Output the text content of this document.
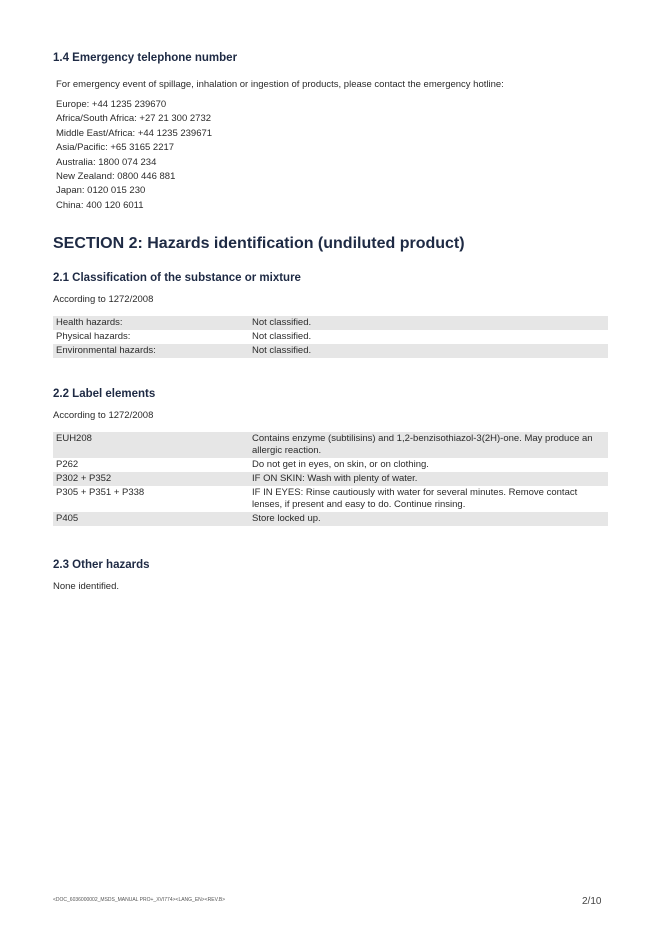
1.4 Emergency telephone number

For emergency event of spillage, inhalation or ingestion of products, please contact the emergency hotline:

Europe: +44 1235 239670
Africa/South Africa: +27 21 300 2732
Middle East/Africa: +44 1235 239671
Asia/Pacific: +65 3165 2217
Australia: 1800 074 234
New Zealand: 0800 446 881
Japan: 0120 015 230
China: 400 120 6011
SECTION 2: Hazards identification (undiluted product)
2.1 Classification of the substance or mixture

According to 1272/2008

Health hazards:	Not classified.
Physical hazards:	Not classified.
Environmental hazards:	Not classified.
2.2 Label elements

According to 1272/2008

EUH208	Contains enzyme (subtilisins) and 1,2-benzisothiazol-3(2H)-one. May produce an allergic reaction.
P262	Do not get in eyes, on skin, or on clothing.
P302 + P352	IF ON SKIN: Wash with plenty of water.
P305 + P351 + P338	IF IN EYES: Rinse cautiously with water for several minutes. Remove contact lenses, if present and easy to do. Continue rinsing.
P405	Store locked up.
2.3 Other hazards

None identified.

<DOC_6036000002_MSDS_MANUAL PRO+_XVI774><LANG_EN><REV.B>	2/10
